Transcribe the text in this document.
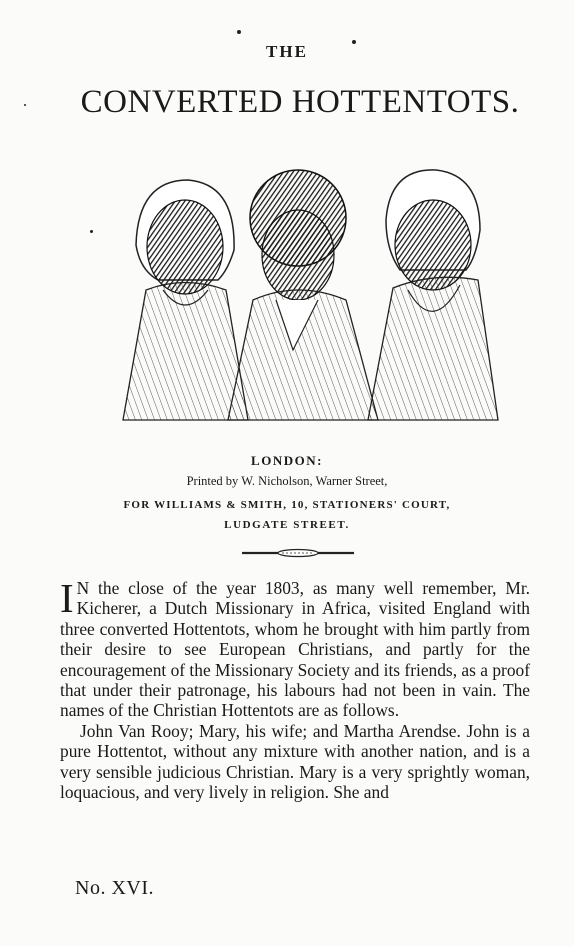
THE
CONVERTED HOTTENTOTS.
LONDON:
Printed by W. Nicholson, Warner Street,
FOR WILLIAMS & SMITH, 10, STATIONERS' COURT,
LUDGATE STREET.

I N the close of the year 1803, as many well remember, Mr. Kicherer, a Dutch Missionary in Africa, visited England with three converted Hottentots, whom he brought with him partly from their desire to see European Christians, and partly for the encouragement of the Missionary Society and its friends, as a proof that under their patronage, his labours had not been in vain. The names of the Christian Hottentots are as follows.

John Van Rooy; Mary, his wife; and Martha Arendse. John is a pure Hottentot, without any mixture with another nation, and is a very sensible judicious Christian. Mary is a very sprightly woman, loquacious, and very lively in religion. She and

No. XVI.
